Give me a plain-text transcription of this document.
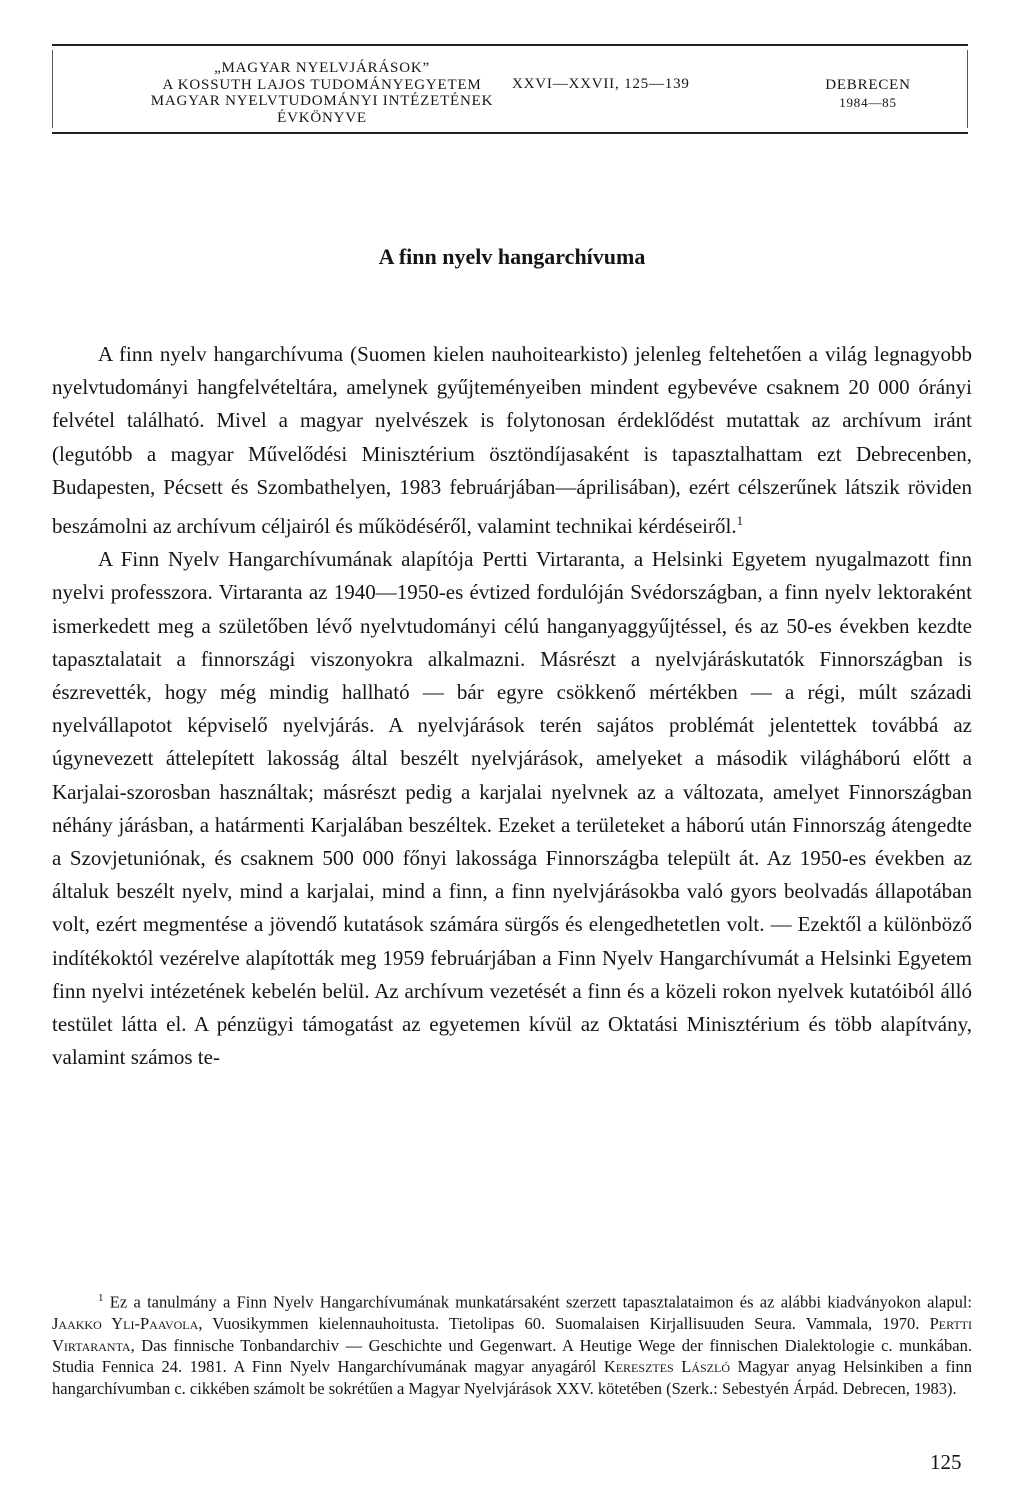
„MAGYAR NYELVJÁRÁSOK”
A KOSSUTH LAJOS TUDOMÁNYEGYETEM
MAGYAR NYELVTUDOMÁNYI INTÉZETÉNEK
ÉVKÖNYVE
XXVI—XXVII, 125—139	DEBRECEN
1984—85
A finn nyelv hangarchívuma

A finn nyelv hangarchívuma (Suomen kielen nauhoitearkisto) jelenleg feltehetően a világ legnagyobb nyelvtudományi hangfelvételtára, amelynek gyűjteményeiben mindent egybevéve csaknem 20 000 órányi felvétel található. Mivel a magyar nyelvészek is folytonosan érdeklődést mutattak az archívum iránt (legutóbb a magyar Művelődési Minisztérium ösztöndíjasaként is tapasztalhattam ezt Debrecenben, Budapesten, Pécsett és Szombathelyen, 1983 februárjában—áprilisában), ezért célszerűnek látszik röviden beszámolni az archívum céljairól és működéséről, valamint technikai kérdéseiről.$^1$

A Finn Nyelv Hangarchívumának alapítója Pertti Virtaranta, a Helsinki Egyetem nyugalmazott finn nyelvi professzora. Virtaranta az 1940—1950-es évtized fordulóján Svédországban, a finn nyelv lektoraként ismerkedett meg a születőben lévő nyelvtudományi célú hanganyaggyűjtéssel, és az 50-es években kezdte tapasztalatait a finnországi viszonyokra alkalmazni. Másrészt a nyelvjáráskutatók Finnországban is észrevették, hogy még mindig hallható — bár egyre csökkenő mértékben — a régi, múlt századi nyelvállapotot képviselő nyelvjárás. A nyelvjárások terén sajátos problémát jelentettek továbbá az úgynevezett áttelepített lakosság által beszélt nyelvjárások, amelyeket a második világháború előtt a Karjalai-szorosban használtak; másrészt pedig a karjalai nyelvnek az a változata, amelyet Finnországban néhány járásban, a határmenti Karjalában beszéltek. Ezeket a területeket a háború után Finnország átengedte a Szovjetuniónak, és csaknem 500 000 főnyi lakossága Finnországba települt át. Az 1950-es években az általuk beszélt nyelv, mind a karjalai, mind a finn, a finn nyelvjárásokba való gyors beolvadás állapotában volt, ezért megmentése a jövendő kutatások számára sürgős és elengedhetetlen volt. — Ezektől a különböző indítékoktól vezérelve alapították meg 1959 februárjában a Finn Nyelv Hangarchívumát a Helsinki Egyetem finn nyelvi intézetének kebelén belül. Az archívum vezetését a finn és a közeli rokon nyelvek kutatóiból álló testület látta el. A pénzügyi támogatást az egyetemen kívül az Oktatási Minisztérium és több alapítvány, valamint számos te-

$^1$ Ez a tanulmány a Finn Nyelv Hangarchívumának munkatársaként szerzett tapasztalataimon és az alábbi kiadványokon alapul: Jaakko Yli-Paavola, Vuosikymmen kielennauhoitusta. Tietolipas 60. Suomalaisen Kirjallisuuden Seura. Vammala, 1970. Pertti Virtaranta, Das finnische Tonbandarchiv — Geschichte und Gegenwart. A Heutige Wege der finnischen Dialektologie c. munkában. Studia Fennica 24. 1981. A Finn Nyelv Hangarchívumának magyar anyagáról Keresztes László Magyar anyag Helsinkiben a finn hangarchívumban c. cikkében számolt be sokrétűen a Magyar Nyelvjárások XXV. kötetében (Szerk.: Sebestyén Árpád. Debrecen, 1983).

125
